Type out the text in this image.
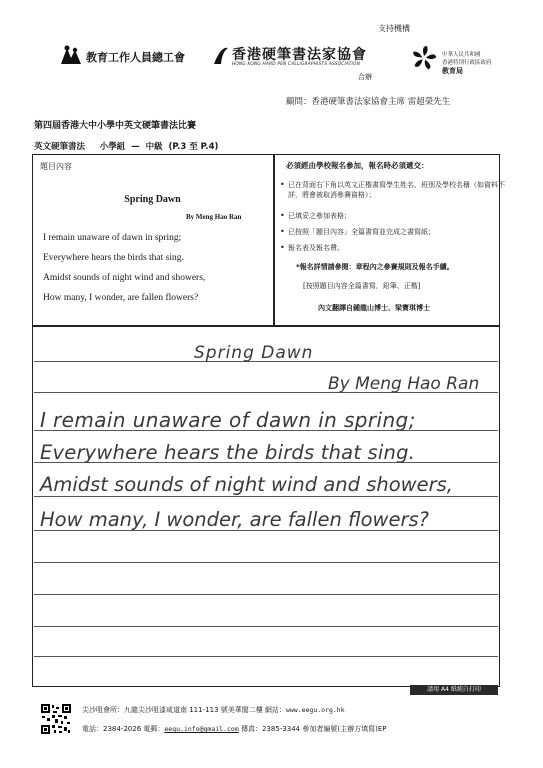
支持機構
教育工作人員總工會	香港硬筆書法家協會
HONG KONG HARD PEN CALLIGRAPHISTS ASSOCIATION
合辦
中華人民共和國
香港特別行政區政府
教育局
顧問：香港硬筆書法家協會主席 雷超榮先生
第四屆香港大中小學中英文硬筆書法比賽
英文硬筆書法     小學組  —  中級  (P.3 至 P.4)
題目內容
Spring Dawn
By Meng Hao Ran
I remain unaware of dawn in spring;
Everywhere hears the birds that sing.
Amidst sounds of night wind and showers,
How many, I wonder, are fallen flowers?
必須經由學校報名參加，報名時必須遞交：
• 已在背面右下角以英文正楷書寫學生姓名、班別及學校名稱（如資料不詳，將會被取消參賽資格）；
• 已填妥之參加表格；
• 已按照「題目內容」全篇書寫並完成之書寫紙；
• 報名表及報名費。
*報名詳情請參閱：章程內之參賽規則及報名手續。
[按照題目內容全篇書寫，鉛筆、正楷]
內文翻譯自鍾龍山博士、梁寶琪博士
Spring Dawn
By Meng Hao Ran
I remain unaware of dawn in spring;
Everywhere hears the birds that sing.
Amidst sounds of night wind and showers,
How many, I wonder, are fallen flowers?
請用 A4 紙純白打印
尖沙咀會所：九龍尖沙咀漆咸道南 111-113 號美華閣二樓 網站：www.eegu.org.hk
電話：2384-2026 電郵：eegu.info@gmail.com 傳真：2385-3344 參加者編號(主辦方填寫)EP
